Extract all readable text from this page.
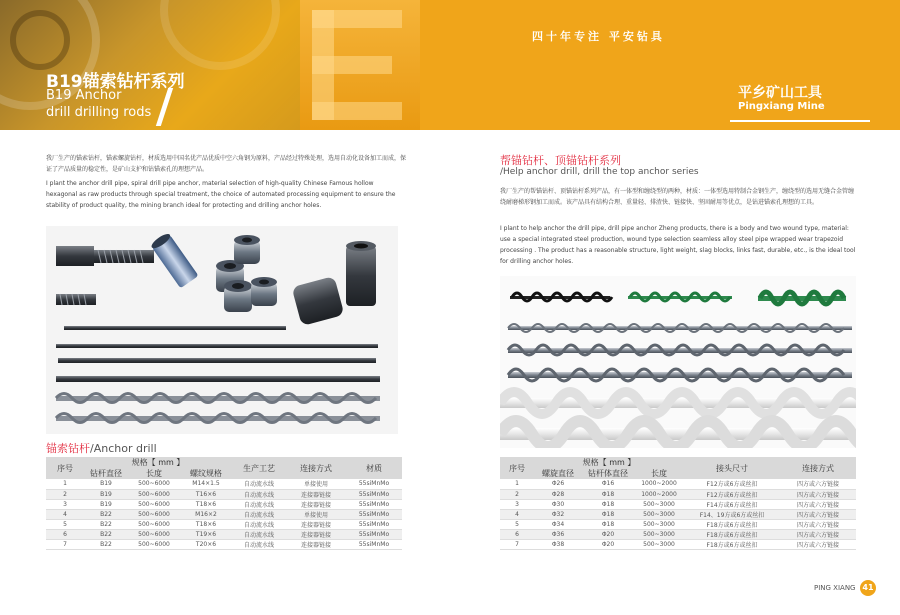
四十年专注 平安钻具
B19锚索钻杆系列
B19 Anchor
drill drilling rods
平乡矿山工具
Pingxiang Mine
我厂生产的锚索钻杆，锚索螺旋钻杆，材质选用中国名优产品优质中空六角钢为原料，产品经过特殊处理，选用自动化设备加工而成，保证了产品质量的稳定性，是矿山支护和钻锚索孔的理想产品。
I plant the anchor drill pipe, spiral drill pipe anchor, material selection of high-quality Chinese Famous hollow hexagonal as raw products through special treatment, the choice of automated processing equipment to ensure the stability of product quality, the mining branch ideal for protecting and drilling anchor holes.
锚索钻杆/Anchor drill
序号	规格【 mm 】			生产工艺	连接方式	材质
	钻杆直径	长度	螺纹规格			
1	B19	500~6000	M14×1.5	自动流水线	单接使用	55siMnMo
2	B19	500~6000	T16×6	自动流水线	连接器链接	55siMnMo
3	B19	500~6000	T18×6	自动流水线	连接器链接	55siMnMo
4	B22	500~6000	M16×2	自动流水线	单接使用	55siMnMo
5	B22	500~6000	T18×6	自动流水线	连接器链接	55siMnMo
6	B22	500~6000	T19×6	自动流水线	连接器链接	55siMnMo
7	B22	500~6000	T20×6	自动流水线	连接器链接	55siMnMo
帮锚钻杆、顶锚钻杆系列
/Help anchor drill, drill the top anchor series
我厂生产的帮锚钻杆、顶锚钻杆系列产品，有一体型和缠绕型的两种，材质：一体型选用特制合金钢生产，缠绕型的选用无缝合金管缠绕耐磨梯形钢加工而成。该产品具有结构合理、重量轻、排渣快、链接快、坚固耐用等优点，是钻进锚索孔理想的工具。
I plant to help anchor the drill pipe, drill pipe anchor Zheng products, there is a body and two wound type, material: use a special integrated steel production, wound type selection seamless alloy steel pipe wrapped wear trapezoid processing . The product has a reasonable structure, light weight, slag blocks, links fast, durable, etc., is the ideal tool for drilling anchor holes.
序号	规格【 mm 】			接头尺寸	连接方式
	螺旋直径	钻杆体直径	长度		
1	Φ26	Φ16	1000~2000	F12方或6方或丝扣	四方或六方链接
2	Φ28	Φ18	1000~2000	F12方或6方或丝扣	四方或六方链接
3	Φ30	Φ18	500~3000	F14方或6方或丝扣	四方或六方链接
4	Φ32	Φ18	500~3000	F14、19方或6方或丝扣	四方或六方链接
5	Φ34	Φ18	500~3000	F18方或6方或丝扣	四方或六方链接
6	Φ36	Φ20	500~3000	F18方或6方或丝扣	四方或六方链接
7	Φ38	Φ20	500~3000	F18方或6方或丝扣	四方或六方链接
PING XIANG 41
